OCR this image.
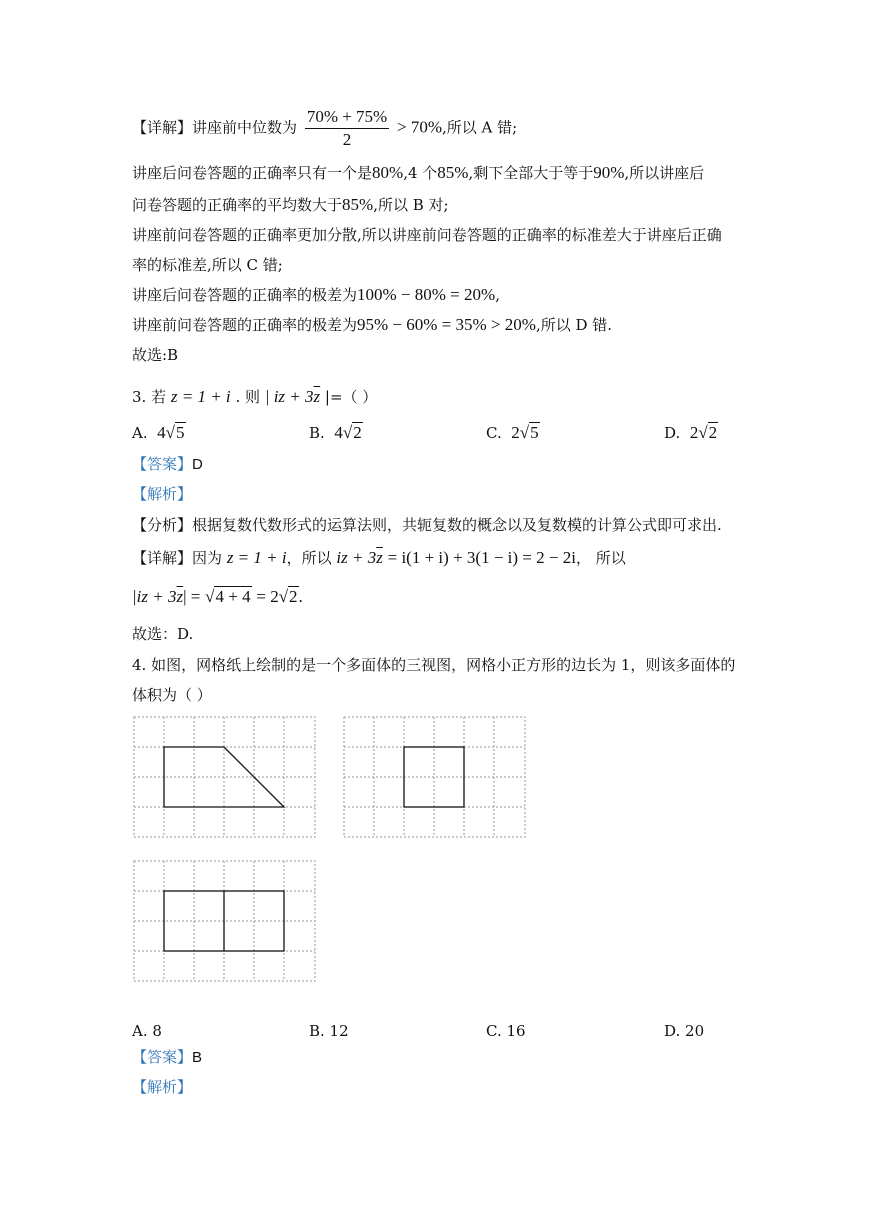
【详解】讲座前中位数为 $\frac{70\% + 75\%}{2} > 70\%$,所以 A 错;
讲座后问卷答题的正确率只有一个是80%,4 个85%,剩下全部大于等于90%,所以讲座后
问卷答题的正确率的平均数大于85%,所以 B 对;
讲座前问卷答题的正确率更加分散,所以讲座前问卷答题的正确率的标准差大于讲座后正确
率的标准差,所以 C 错;
讲座后问卷答题的正确率的极差为100% − 80% = 20%,
讲座前问卷答题的正确率的极差为95% − 60% = 35% > 20%,所以 D 错.
故选:B
3. 若 z = 1 + i . 则 | iz + $3\overline{z}$ |=（ ）
A. 4√5	B. 4√2	C. 2√5	D. 2√2
【答案】D
【解析】
【分析】根据复数代数形式的运算法则，共轭复数的概念以及复数模的计算公式即可求出.
【详解】因为 z = 1 + i，所以 iz + $3\overline{z} = i(1 + i) + 3(1 - i) = 2 - 2i$， 所以
$|iz + 3\overline{z}| = √4 + 4 = 2√2$.
故选：D.
4. 如图，网格纸上绘制的是一个多面体的三视图，网格小正方形的边长为 1，则该多面体的
体积为（ ）
A. 8	B. 12	C. 16	D. 20
【答案】B
【解析】
